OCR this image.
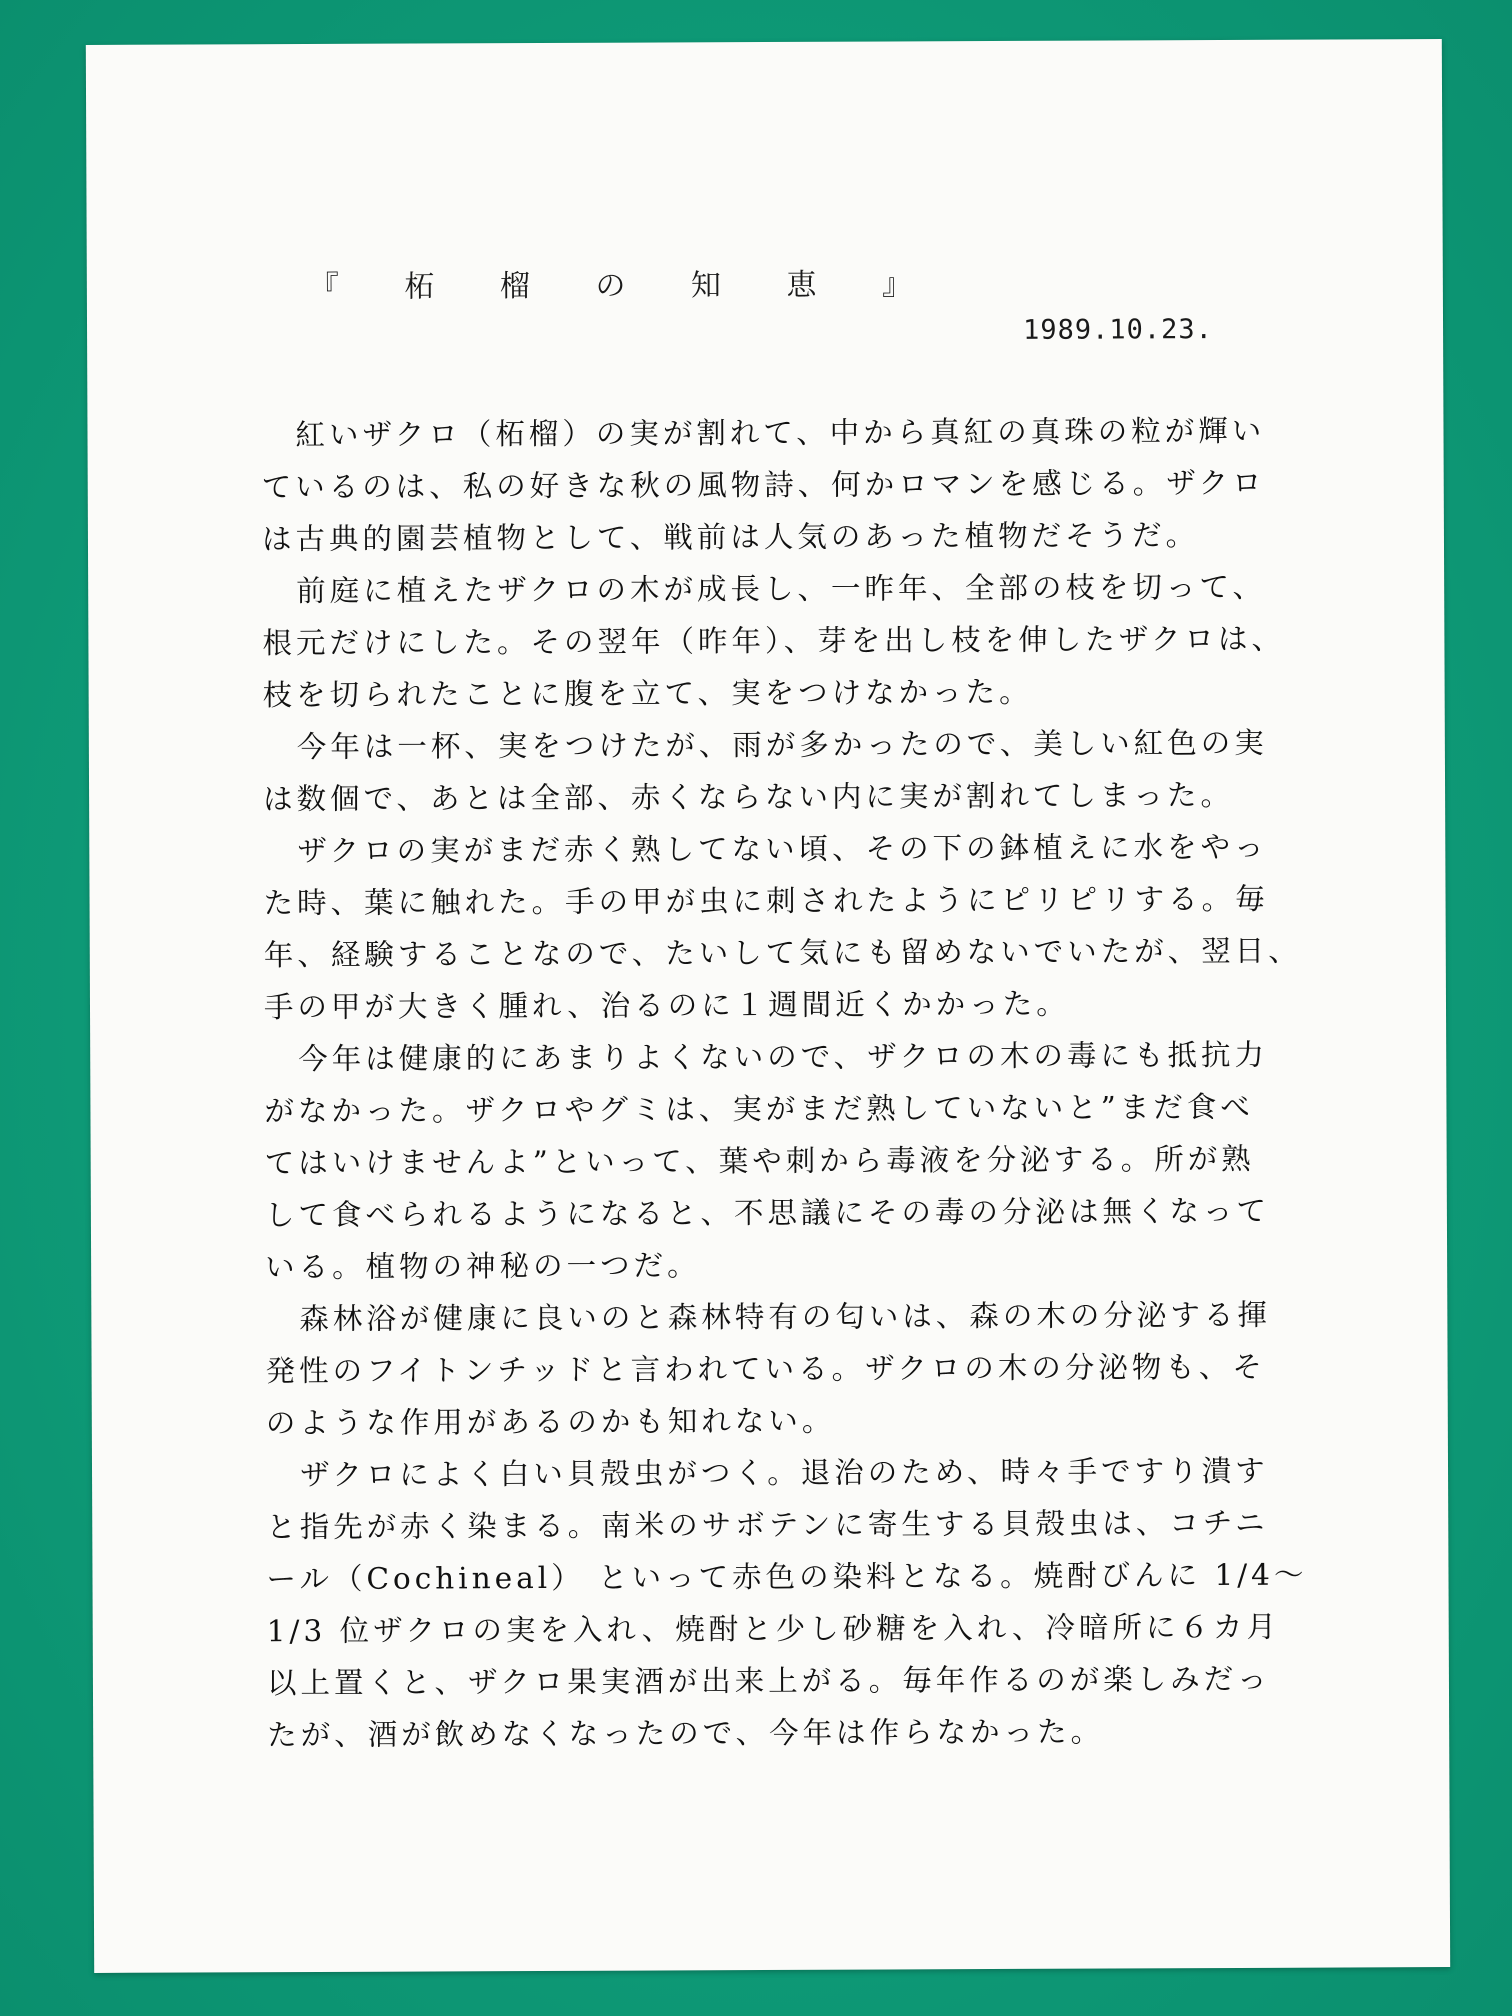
『 柘 榴 の 知 恵 』
1989.10.23.
紅いザクロ（柘榴）の実が割れて、中から真紅の真珠の粒が輝い
ているのは、私の好きな秋の風物詩、何かロマンを感じる。ザクロ
は古典的園芸植物として、戦前は人気のあった植物だそうだ。
前庭に植えたザクロの木が成長し、一昨年、全部の枝を切って、
根元だけにした。その翌年（昨年）、芽を出し枝を伸したザクロは、
枝を切られたことに腹を立て、実をつけなかった。
今年は一杯、実をつけたが、雨が多かったので、美しい紅色の実
は数個で、あとは全部、赤くならない内に実が割れてしまった。
ザクロの実がまだ赤く熟してない頃、その下の鉢植えに水をやっ
た時、葉に触れた。手の甲が虫に刺されたようにピリピリする。毎
年、経験することなので、たいして気にも留めないでいたが、翌日、
手の甲が大きく腫れ、治るのに１週間近くかかった。
今年は健康的にあまりよくないので、ザクロの木の毒にも抵抗力
がなかった。ザクロやグミは、実がまだ熟していないと”まだ食べ
てはいけませんよ”といって、葉や刺から毒液を分泌する。所が熟
して食べられるようになると、不思議にその毒の分泌は無くなって
いる。植物の神秘の一つだ。
森林浴が健康に良いのと森林特有の匂いは、森の木の分泌する揮
発性のフイトンチッドと言われている。ザクロの木の分泌物も、そ
のような作用があるのかも知れない。
ザクロによく白い貝殻虫がつく。退治のため、時々手ですり潰す
と指先が赤く染まる。南米のサボテンに寄生する貝殻虫は、コチニ
ール（Cochineal） といって赤色の染料となる。焼酎びんに 1/4～
1/3 位ザクロの実を入れ、焼酎と少し砂糖を入れ、冷暗所に６カ月
以上置くと、ザクロ果実酒が出来上がる。毎年作るのが楽しみだっ
たが、酒が飲めなくなったので、今年は作らなかった。
